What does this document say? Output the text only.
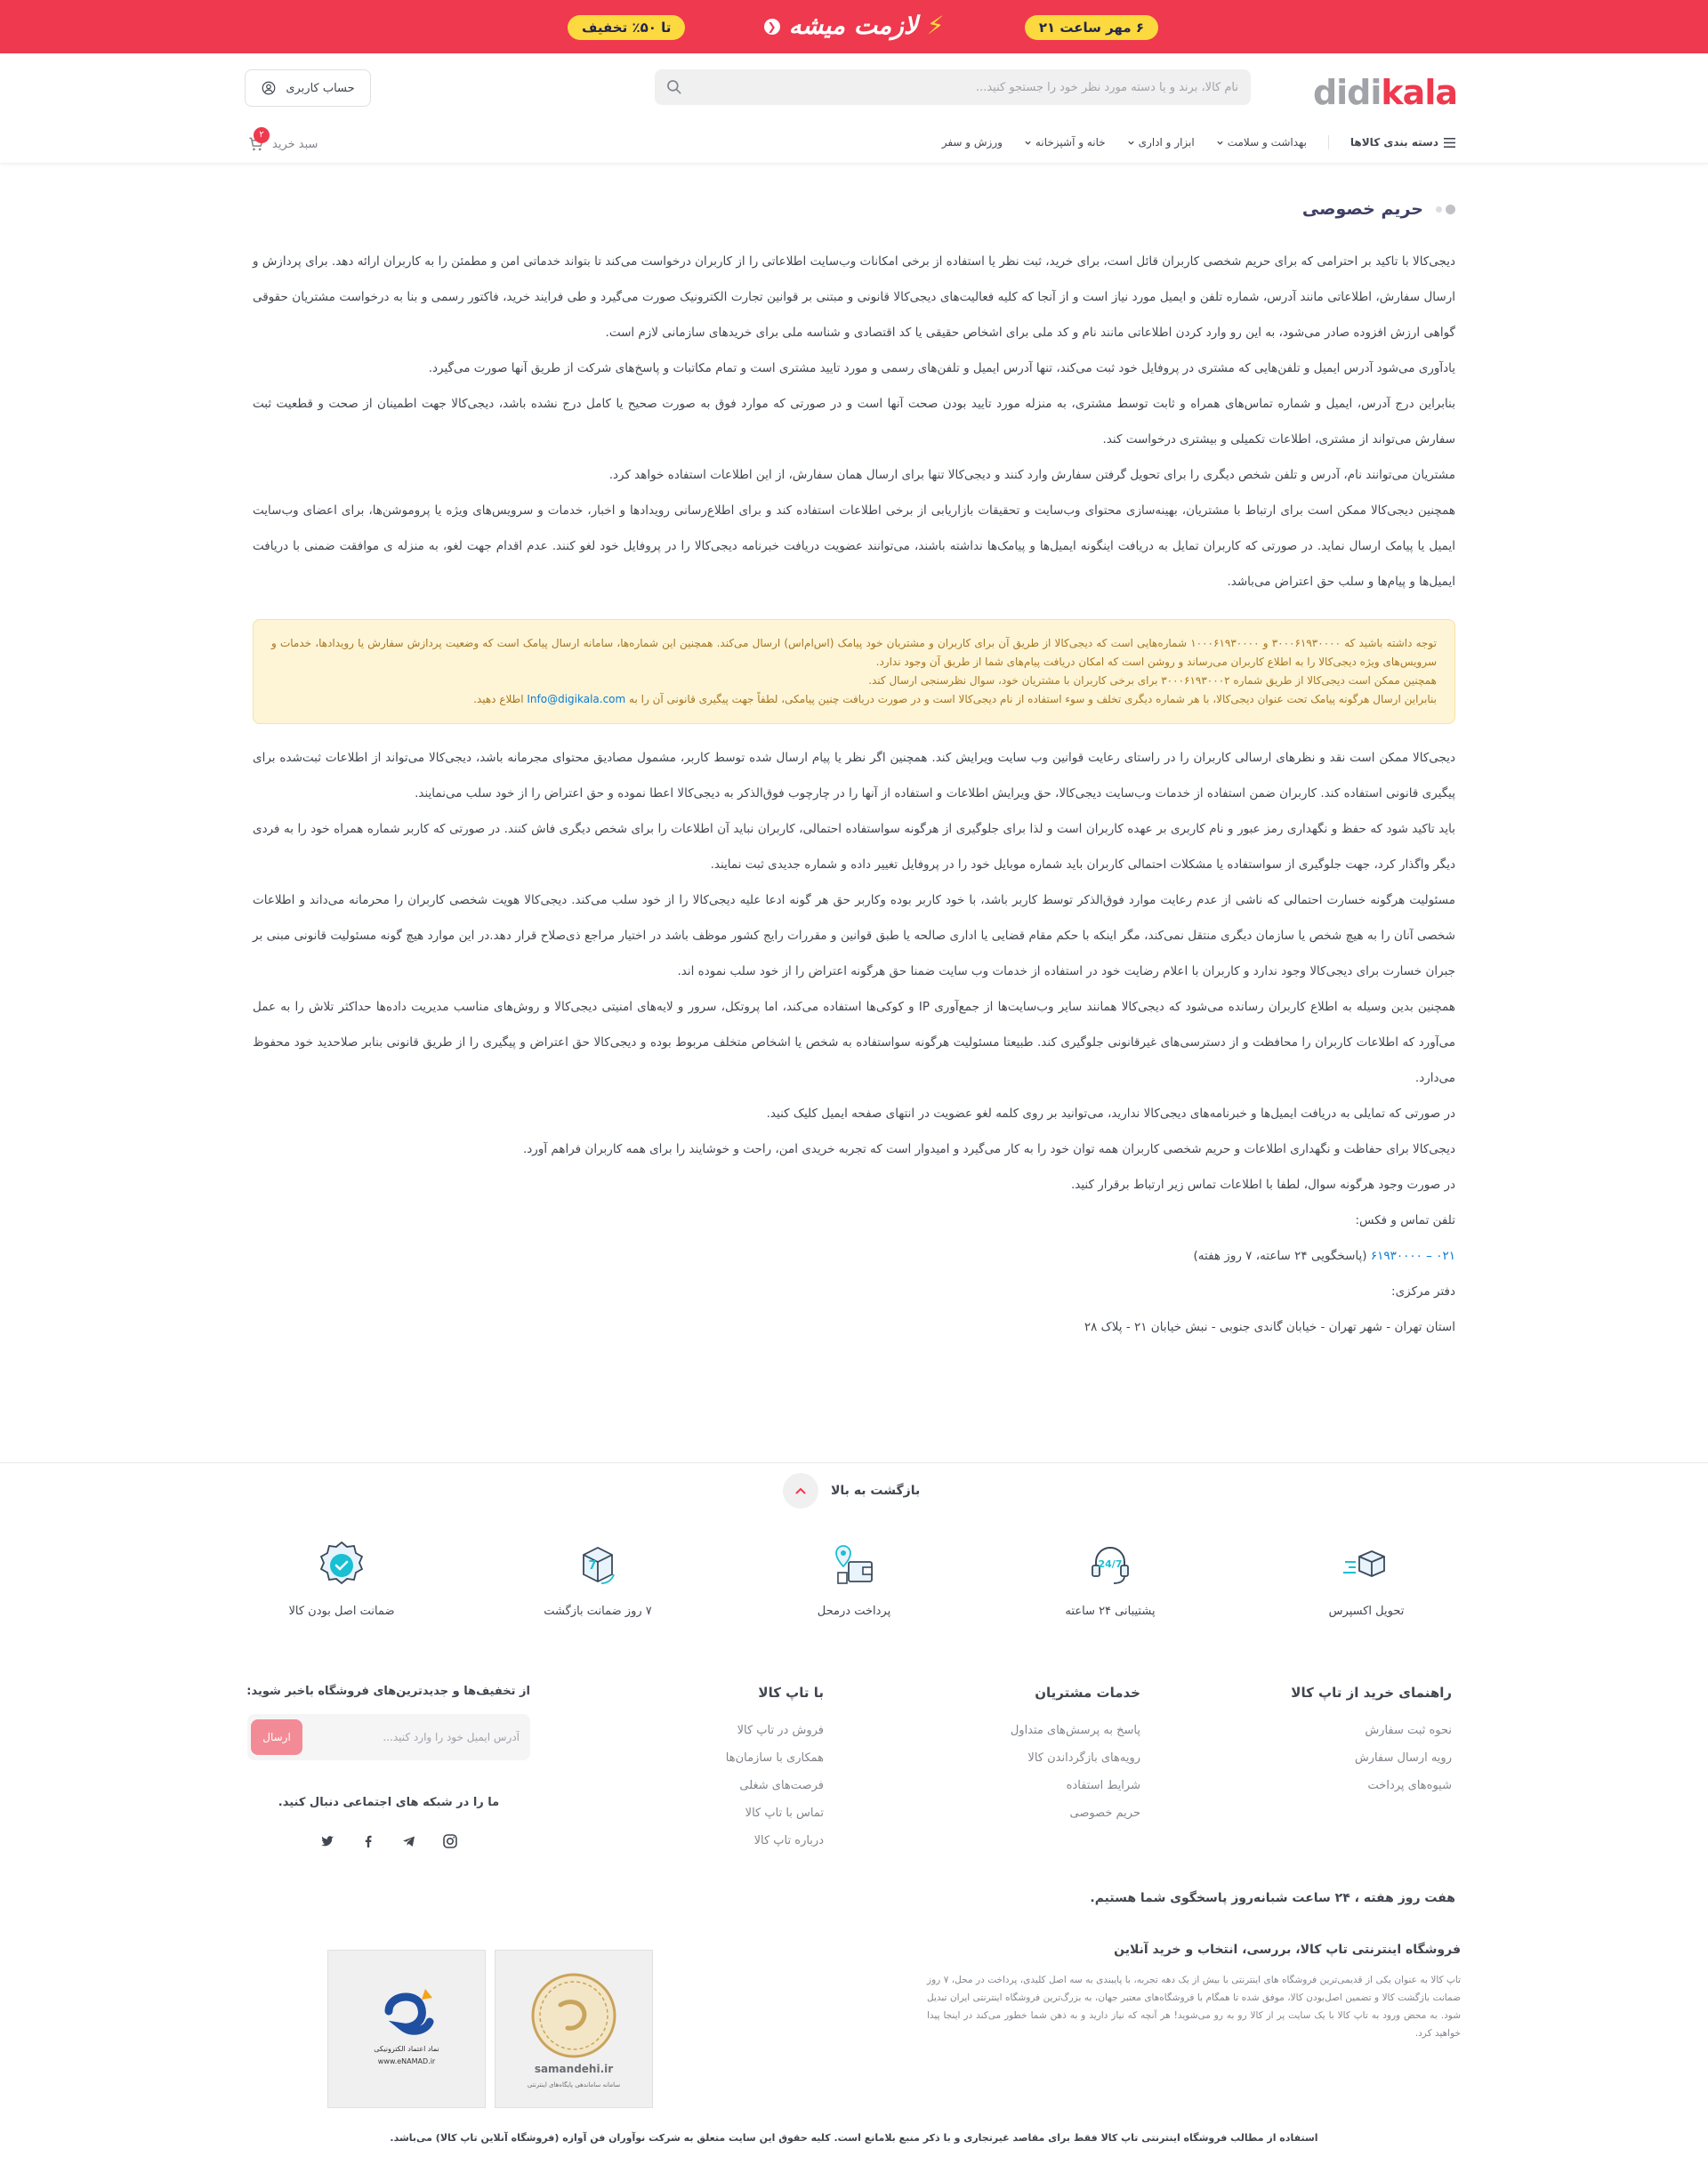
۶ مهر ساعت ۲۱
⚡لازمت میشه❮
تا ۵۰٪ تخفیف
didikala
نام کالا، برند و یا دسته مورد نظر خود را جستجو کنید...
حساب کاربری
دسته بندی کالاها
بهداشت و سلامت
ابزار و اداری
خانه و آشپزخانه
ورزش و سفر
سبد خرید
۲
حریم خصوصی

دیجی‌کالا با تاکید بر احترامی که برای حریم شخصی کاربران قائل است، برای خرید، ثبت نظر یا استفاده از برخی امکانات وب‌سایت اطلاعاتی را از کاربران درخواست می‌کند تا بتواند خدماتی امن و مطمئن را به کاربران ارائه دهد. برای پردازش و ارسال سفارش، اطلاعاتی مانند آدرس، شماره تلفن و ایمیل مورد نیاز است و از آنجا که کلیه فعالیت‌های دیجی‌کالا قانونی و مبتنی بر قوانین تجارت الکترونیک صورت می‌گیرد و طی فرایند خرید، فاکتور رسمی و بنا به درخواست مشتریان حقوقی گواهی ارزش افزوده صادر می‌شود، به این رو وارد کردن اطلاعاتی مانند نام و کد ملی برای اشخاص حقیقی یا کد اقتصادی و شناسه ملی برای خریدهای سازمانی لازم است.

یادآوری می‌شود آدرس ایمیل و تلفن‌هایی که مشتری در پروفایل خود ثبت می‌کند، تنها آدرس ایمیل و تلفن‌های رسمی و مورد تایید مشتری است و تمام مکاتبات و پاسخ‌های شرکت از طریق آنها صورت می‌گیرد.

بنابراین درج آدرس، ایمیل و شماره تماس‌های همراه و ثابت توسط مشتری، به منزله مورد تایید بودن صحت آنها است و در صورتی که موارد فوق به صورت صحیح یا کامل درج نشده باشد، دیجی‌کالا جهت اطمینان از صحت و قطعیت ثبت سفارش می‌تواند از مشتری، اطلاعات تکمیلی و بیشتری درخواست کند.

مشتریان می‌توانند نام، آدرس و تلفن شخص دیگری را برای تحویل گرفتن سفارش وارد کنند و دیجی‌کالا تنها برای ارسال همان سفارش، از این اطلاعات استفاده خواهد کرد.

همچنین دیجی‌کالا ممکن است برای ارتباط با مشتریان، بهینه‌سازی محتوای وب‌سایت و تحقیقات بازاریابی از برخی اطلاعات استفاده کند و برای اطلاع‌رسانی رویدادها و اخبار، خدمات و سرویس‌های ویژه یا پروموشن‌ها، برای اعضای وب‌سایت ایمیل یا پیامک ارسال نماید. در صورتی که کاربران تمایل به دریافت اینگونه ایمیل‌ها و پیامک‌ها نداشته باشند، می‌توانند عضویت دریافت خبرنامه دیجی‌کالا را در پروفایل خود لغو کنند. عدم اقدام جهت لغو، به منزله ی موافقت ضمنی با دریافت ایمیل‌ها و پیام‌ها و سلب حق اعتراض می‌باشد.

توجه داشته باشید که ۳۰۰۰۶۱۹۳۰۰۰۰ و ۱۰۰۰۶۱۹۳۰۰۰۰ شماره‌هایی است که دیجی‌کالا از طریق آن برای کاربران و مشتریان خود پیامک (اس‌ام‌اس) ارسال می‌کند. همچنین این شماره‌ها، سامانه ارسال پیامک است که وضعیت پردازش سفارش یا رویدادها، خدمات و سرویس‌های ویژه دیجی‌کالا را به اطلاع کاربران می‌رساند و روشن است که امکان دریافت پیام‌های شما از طریق آن وجود ندارد.

همچنین ممکن است دیجی‌کالا از طریق شماره ۳۰۰۰۶۱۹۳۰۰۰۲ برای برخی کاربران با مشتریان خود، سوال نظرسنجی ارسال کند.

بنابراین ارسال هرگونه پیامک تحت عنوان دیجی‌کالا، با هر شماره دیگری تخلف و سوء استفاده از نام دیجی‌کالا است و در صورت دریافت چنین پیامکی، لطفاً جهت پیگیری قانونی آن را به Info@digikala.com اطلاع دهید.

دیجی‌کالا ممکن است نقد و نظرهای ارسالی کاربران را در راستای رعایت قوانین وب سایت ویرایش کند. همچنین اگر نظر یا پیام ارسال شده توسط کاربر، مشمول مصادیق محتوای مجرمانه باشد، دیجی‌کالا می‌تواند از اطلاعات ثبت‌شده برای پیگیری قانونی استفاده کند. کاربران ضمن استفاده از خدمات وب‌سایت دیجی‌کالا، حق ویرایش اطلاعات و استفاده از آنها را در چارچوب فوق‌الذکر به دیجی‌کالا اعطا نموده و حق اعتراض را از خود سلب می‌نمایند.

باید تاکید شود که حفظ و نگهداری رمز عبور و نام کاربری بر عهده کاربران است و لذا برای جلوگیری از هرگونه سواستفاده احتمالی، کاربران نباید آن اطلاعات را برای شخص دیگری فاش کنند. در صورتی که کاربر شماره همراه خود را به فردی دیگر واگذار کرد، جهت جلوگیری از سواستفاده یا مشکلات احتمالی کاربران باید شماره موبایل خود را در پروفایل تغییر داده و شماره جدیدی ثبت نمایند.

مسئولیت هرگونه خسارت احتمالی که ناشی از عدم رعایت موارد فوق‌الذکر توسط کاربر باشد، با خود کاربر بوده وکاربر حق هر گونه ادعا علیه دیجی‌کالا را از خود سلب می‌کند. دیجی‌کالا هویت شخصی کاربران را محرمانه می‌داند و اطلاعات شخصی آنان را به هیچ شخص یا سازمان دیگری منتقل نمی‌کند، مگر اینکه با حکم مقام قضایی یا اداری صالحه یا طبق قوانین و مقررات رایج کشور موظف باشد در اختیار مراجع ذی‌صلاح قرار دهد.در این موارد هیچ گونه مسئولیت قانونی مبنی بر جبران خسارت برای دیجی‌کالا وجود ندارد و کاربران با اعلام رضایت خود در استفاده از خدمات وب سایت ضمنا حق هرگونه اعتراض را از خود سلب نموده اند.

همچنین بدین وسیله به اطلاع کاربران رسانده می‌شود که دیجی‌کالا همانند سایر وب‌سایت‌ها از جمع‌آوری IP و کوکی‌ها استفاده می‌کند، اما پروتکل، سرور و لایه‌های امنیتی دیجی‌کالا و روش‌های مناسب مدیریت داده‌ها حداکثر تلاش را به عمل می‌آورد که اطلاعات کاربران را محافظت و از دسترسی‌های غیرقانونی جلوگیری کند. طبیعتا مسئولیت هرگونه سواستفاده به شخص یا اشخاص متخلف مربوط بوده و دیجی‌کالا حق اعتراض و پیگیری را از طریق قانونی بنابر صلاحدید خود محفوظ می‌دارد.

در صورتی که تمایلی به دریافت ایمیل‌ها و خبرنامه‌های دیجی‌کالا ندارید، می‌توانید بر روی کلمه لغو عضویت در انتهای صفحه ایمیل کلیک کنید.

دیجی‌کالا برای حفاظت و نگهداری اطلاعات و حریم شخصی کاربران همه توان خود را به کار می‌گیرد و امیدوار است که تجربه خریدی امن، راحت و خوشایند را برای همه کاربران فراهم آورد.

در صورت وجود هرگونه سوال، لطفا با اطلاعات تماس زیر ارتباط برقرار کنید.

تلفن تماس و فکس:

۰۲۱ – ۶۱۹۳۰۰۰۰ (پاسخگویی ۲۴ ساعته، ۷ روز هفته)

دفتر مرکزی:

استان تهران - شهر تهران - خیابان گاندی جنوبی - نبش خیابان ۲۱ - پلاک ۲۸

بازگشت به بالا
تحویل اکسپرس
24/7
پشتیبانی ۲۴ ساعته
پرداخت درمحل
7
۷ روز ضمانت بازگشت
ضمانت اصل بودن کالا
راهنمای خرید از تاپ کالا
نحوه ثبت سفارش
رویه ارسال سفارش
شیوه‌های پرداخت
خدمات مشتریان
پاسخ به پرسش‌های متداول
رویه‌های بازگرداندن کالا
شرایط استفاده
حریم خصوصی
با تاپ کالا
فروش در تاپ کالا
همکاری با سازمان‌ها
فرصت‌های شغلی
تماس با تاپ کالا
درباره تاپ کالا
از تخفیف‌ها و جدیدترین‌های فروشگاه باخبر شوید:
آدرس ایمیل خود را وارد کنید...
ارسال
ما را در شبکه های اجتماعی دنبال کنید.
هفت روز هفته ، ۲۴ ساعت شبانه‌روز پاسخگوی شما هستیم.
فروشگاه اینترنتی تاپ کالا، بررسی، انتخاب و خرید آنلاین

تاپ کالا به عنوان یکی از قدیمی‌ترین فروشگاه های اینترنتی با بیش از یک دهه تجربه، با پایبندی به سه اصل کلیدی، پرداخت در محل، ۷ روز ضمانت بازگشت کالا و تضمین اصل‌بودن کالا، موفق شده تا همگام با فروشگاه‌های معتبر جهان، به بزرگ‌ترین فروشگاه اینترنتی ایران تبدیل شود. به محض ورود به تاپ کالا با یک سایت پر از کالا رو به رو می‌شوید! هر آنچه که نیاز دارید و به ذهن شما خطور می‌کند در اینجا پیدا خواهید کرد.

samandehi.ir
سامانه ساماندهی پایگاه‌های اینترنتی
نماد اعتماد الکترونیکی
www.eNAMAD.ir
استفاده از مطالب فروشگاه اینترنتی تاپ کالا فقط برای مقاصد غیرتجاری و با ذکر منبع بلامانع است. کلیه حقوق این سایت متعلق به شرکت نوآوران فن آوازه (فروشگاه آنلاین تاپ کالا) می‌باشد.
